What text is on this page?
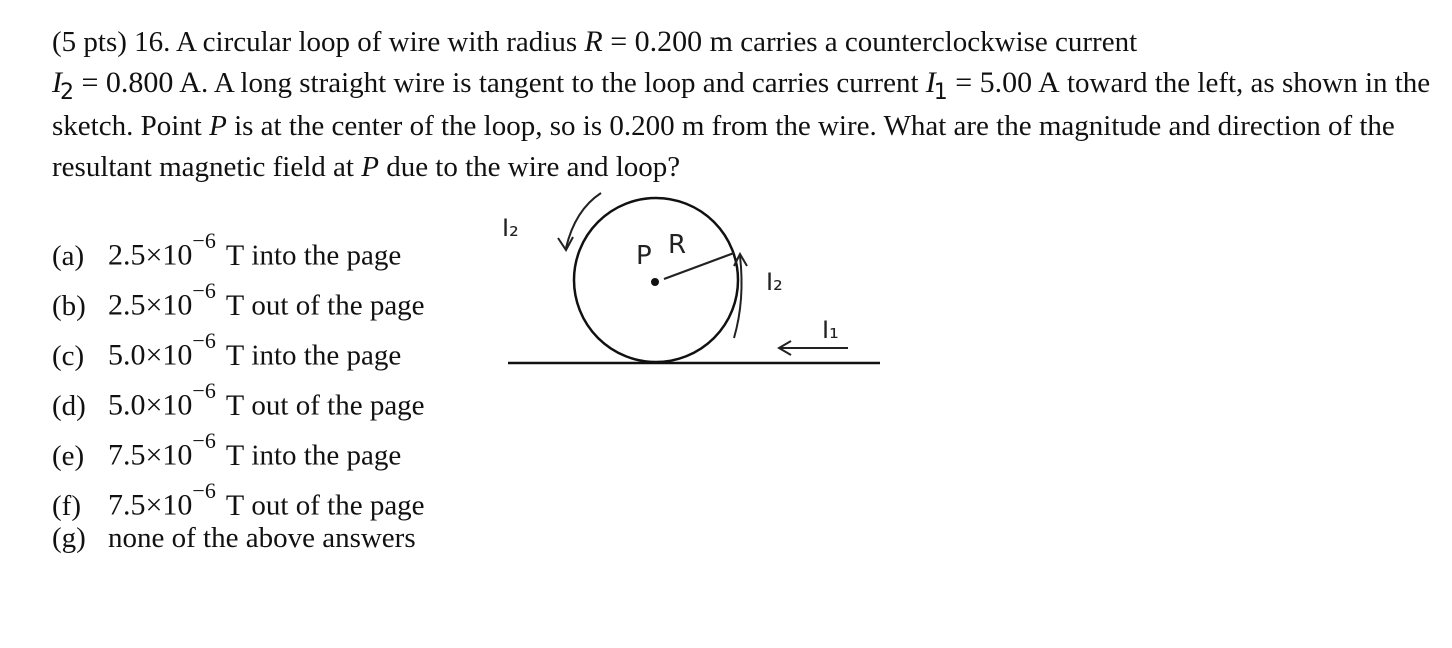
(5 pts) 16. A circular loop of wire with radius R = 0.200 m carries a counterclockwise current
$I_2 = 0.800$ A. A long straight wire is tangent to the loop and carries current $I_1 = 5.00$ A toward the left, as shown in the sketch. Point P is at the center of the loop, so is 0.200 m from the wire. What are the magnitude and direction of the resultant magnetic field at P due to the wire and loop?

(a) $2.5\times 10^{-6}$ T into the page
(b) $2.5\times 10^{-6}$ T out of the page
(c) $5.0\times 10^{-6}$ T into the page
(d) $5.0\times 10^{-6}$ T out of the page
(e) $7.5\times 10^{-6}$ T into the page
(f) $7.5\times 10^{-6}$ T out of the page
(g) none of the above answers
P R
I₂
I₂
I₁
